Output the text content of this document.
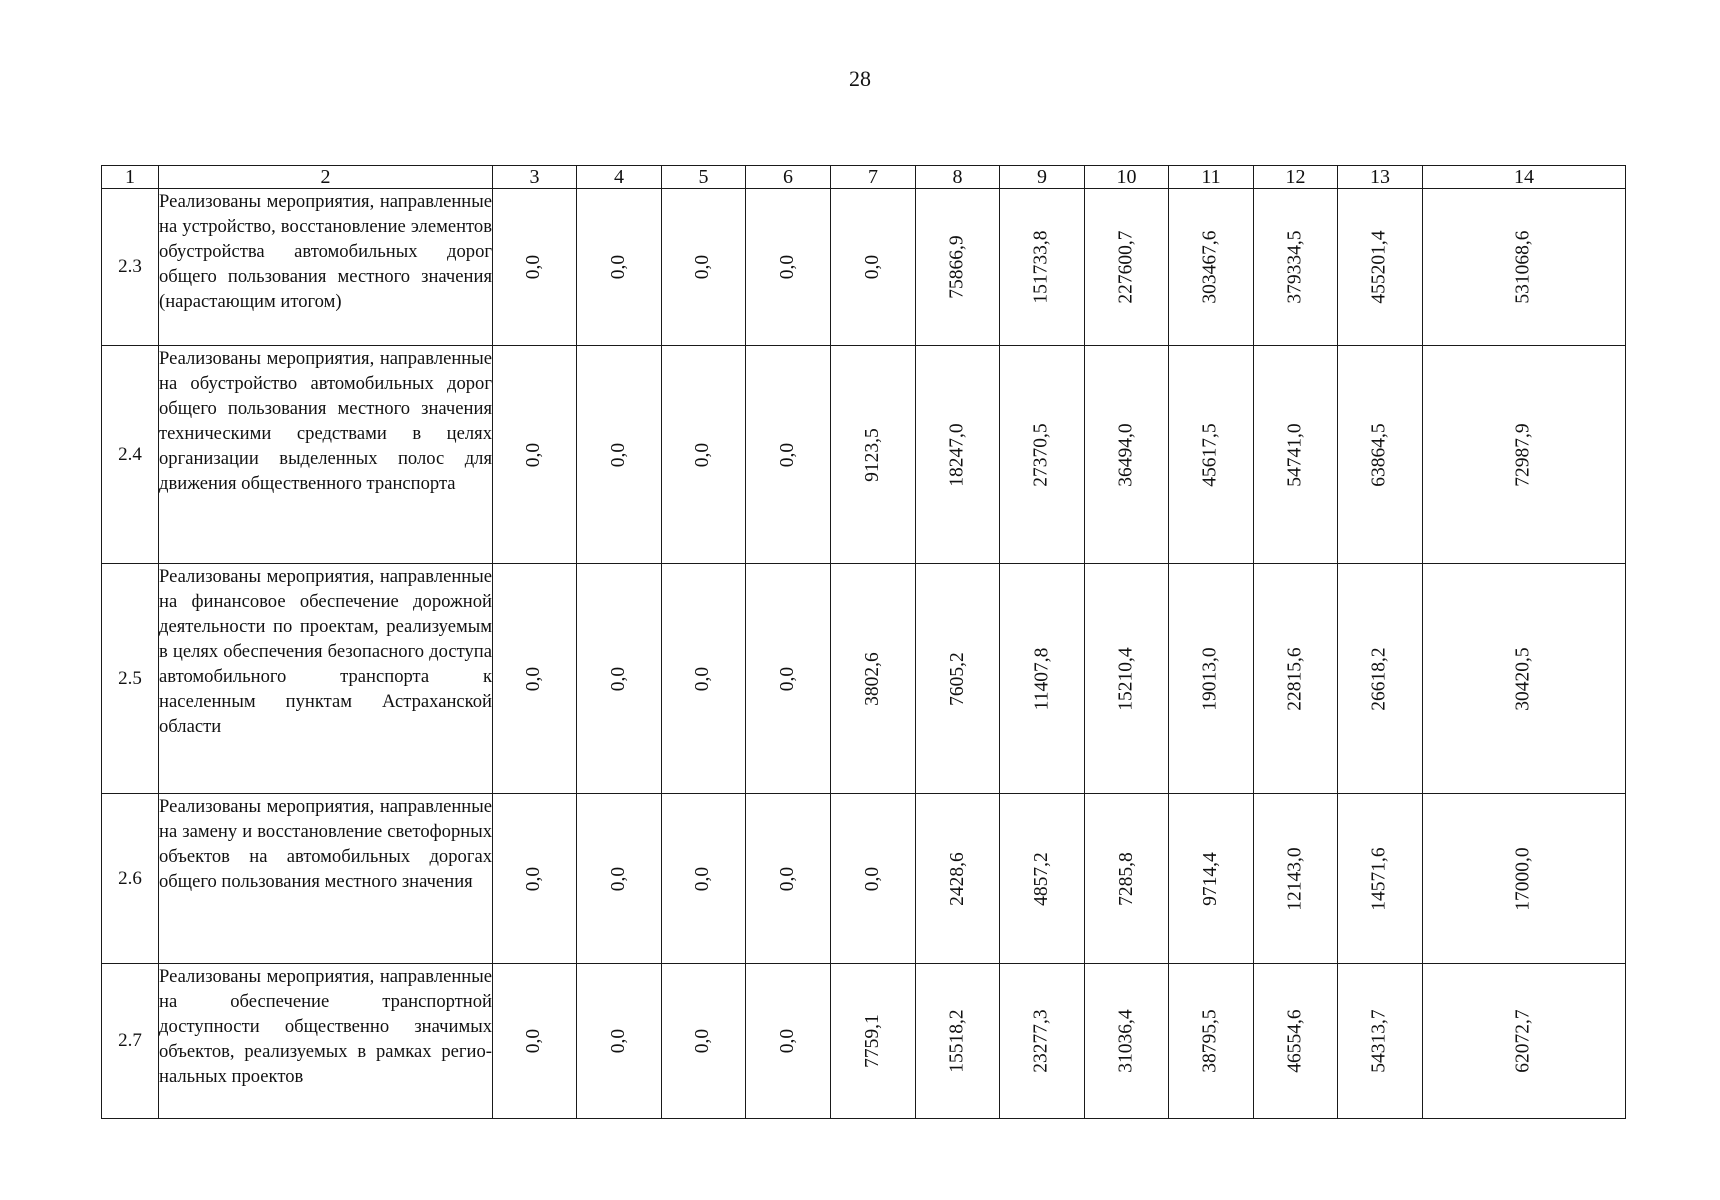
28
1	2	3	4	5	6	7	8	9	10	11	12	13	14
2.3	Реализованы мероприятия, направленные на устройство, восстановление элементов обустройства автомобильных дорог общего пользования местного значения (нарастающим итогом)	0,0	0,0	0,0	0,0	0,0	75866,9	151733,8	227600,7	303467,6	379334,5	455201,4	531068,6
2.4	Реализованы мероприятия, направленные на обустройство автомобильных дорог общего пользования местного значения техническими средствами в целях организации выделенных полос для движения общественного транспорта	0,0	0,0	0,0	0,0	9123,5	18247,0	27370,5	36494,0	45617,5	54741,0	63864,5	72987,9
2.5	Реализованы мероприятия, направленные на финансовое обеспечение дорожной деятельности по проектам, реализуемым в целях обеспечения безопасного доступа автомобильного транспорта к населенным пунктам Астраханской области	0,0	0,0	0,0	0,0	3802,6	7605,2	11407,8	15210,4	19013,0	22815,6	26618,2	30420,5
2.6	Реализованы мероприятия, направленные на замену и восстановление светофорных объектов на автомобильных дорогах общего пользования местного значения	0,0	0,0	0,0	0,0	0,0	2428,6	4857,2	7285,8	9714,4	12143,0	14571,6	17000,0
2.7	Реализованы мероприятия, направленные на обеспечение транспортной доступности общественно значимых объектов, реализуемых в рамках региональных проектов	0,0	0,0	0,0	0,0	7759,1	15518,2	23277,3	31036,4	38795,5	46554,6	54313,7	62072,7
